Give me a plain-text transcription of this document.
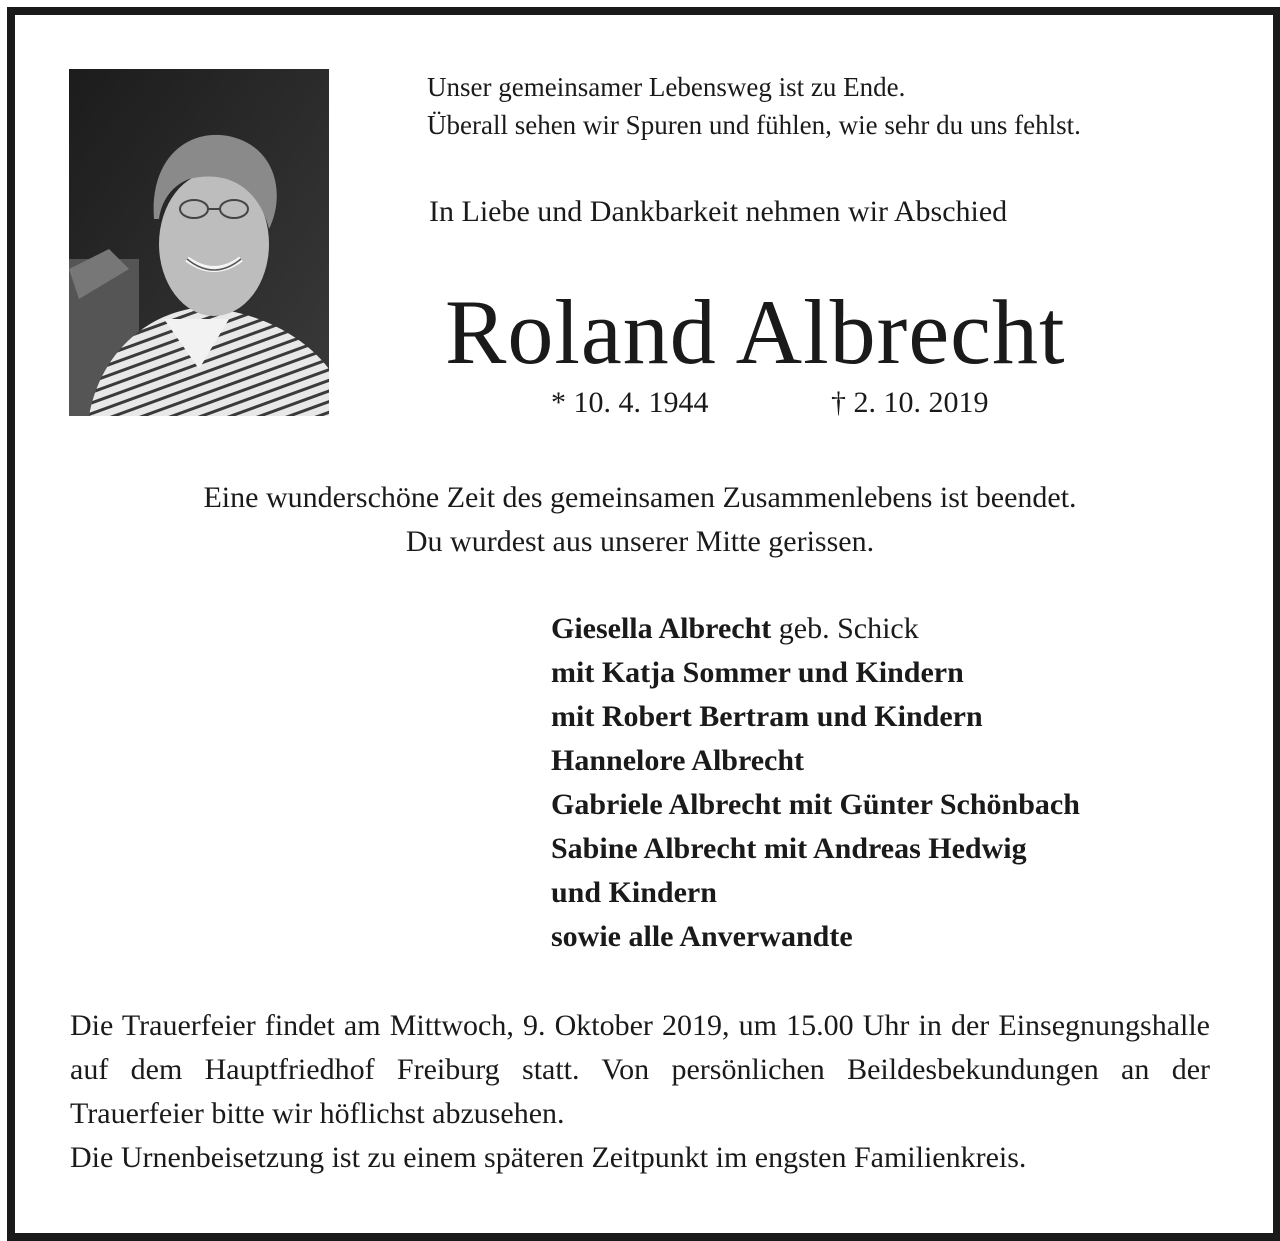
Unser gemeinsamer Lebensweg ist zu Ende.
Überall sehen wir Spuren und fühlen, wie sehr du uns fehlst.
In Liebe und Dankbarkeit nehmen wir Abschied
Roland Albrecht
* 10. 4. 1944	† 2. 10. 2019
Eine wunderschöne Zeit des gemeinsamen Zusammenlebens ist beendet.
Du wurdest aus unserer Mitte gerissen.
Giesella Albrecht geb. Schick
mit Katja Sommer und Kindern
mit Robert Bertram und Kindern
Hannelore Albrecht
Gabriele Albrecht mit Günter Schönbach
Sabine Albrecht mit Andreas Hedwig
und Kindern
sowie alle Anverwandte
Die Trauerfeier findet am Mittwoch, 9. Oktober 2019, um 15.00 Uhr in der Einsegnungshalle auf dem Hauptfriedhof Freiburg statt. Von persönlichen Beildesbekundungen an der Trauerfeier bitte wir höflichst abzusehen.
Die Urnenbeisetzung ist zu einem späteren Zeitpunkt im engsten Familienkreis.
